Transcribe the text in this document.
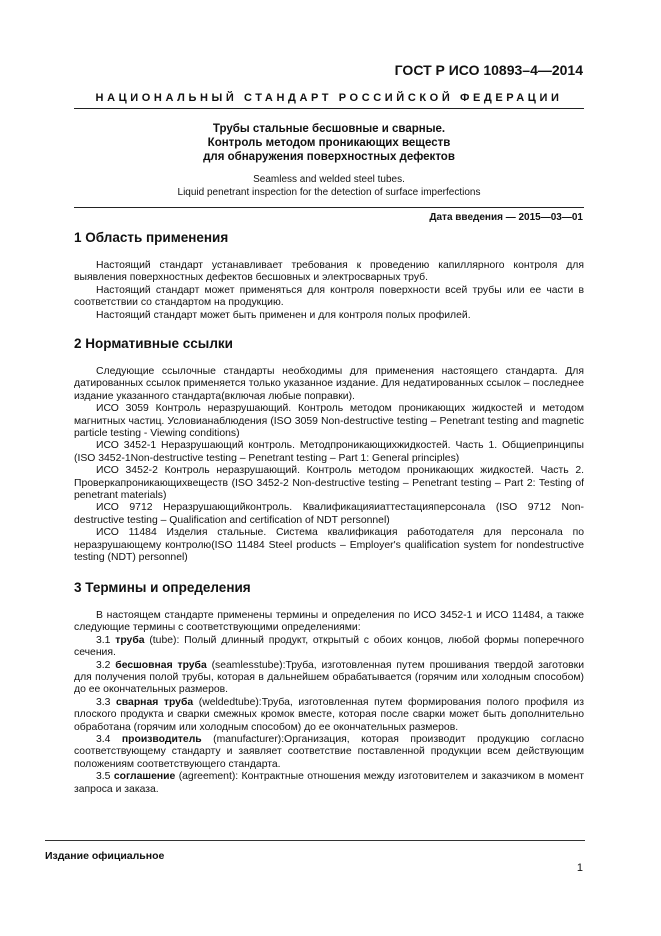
ГОСТ Р ИСО 10893–4—2014
НАЦИОНАЛЬНЫЙ СТАНДАРТ РОССИЙСКОЙ ФЕДЕРАЦИИ
Трубы стальные бесшовные и сварные.
Контроль методом проникающих веществ
для обнаружения поверхностных дефектов
Seamless and welded steel tubes.
Liquid penetrant inspection for the detection of surface imperfections
Дата введения — 2015—03—01
1 Область применения

Настоящий стандарт устанавливает требования к проведению капиллярного контроля для выявления поверхностных дефектов бесшовных и электросварных труб.

Настоящий стандарт может применяться для контроля поверхности всей трубы или ее части в соответствии со стандартом на продукцию.

Настоящий стандарт может быть применен и для контроля полых профилей.

2 Нормативные ссылки

Следующие ссылочные стандарты необходимы для применения настоящего стандарта. Для датированных ссылок применяется только указанное издание. Для недатированных ссылок – последнее издание указанного стандарта(включая любые поправки).

ИСО 3059 Контроль неразрушающий. Контроль методом проникающих жидкостей и методом магнитных частиц. Условианаблюдения (ISO 3059 Non-destructive testing – Penetrant testing and magnetic particle testing - Viewing conditions)

ИСО 3452-1 Неразрушающий контроль. Методпроникающихжидкостей. Часть 1. Общиепринципы (ISO 3452-1Non-destructive testing – Penetrant testing – Part 1: General principles)

ИСО 3452-2 Контроль неразрушающий. Контроль методом проникающих жидкостей. Часть 2. Проверкапроникающихвеществ (ISO 3452-2 Non-destructive testing – Penetrant testing – Part 2: Testing of penetrant materials)

ИСО 9712 Неразрушающийконтроль. Квалификацияиаттестацияперсонала (ISO 9712 Non-destructive testing – Qualification and certification of NDT personnel)

ИСО 11484 Изделия стальные. Система квалификация работодателя для персонала по неразрушающему контролю(ISO 11484 Steel products – Employer's qualification system for nondestructive testing (NDT) personnel)

3 Термины и определения

В настоящем стандарте применены термины и определения по ИСО 3452-1 и ИСО 11484, а также следующие термины с соответствующими определениями:

3.1 труба (tube): Полый длинный продукт, открытый с обоих концов, любой формы поперечного сечения.

3.2 бесшовная труба (seamlesstube):Труба, изготовленная путем прошивания твердой заготовки для получения полой трубы, которая в дальнейшем обрабатывается (горячим или холодным способом) до ее окончательных размеров.

3.3 сварная труба (weldedtube):Труба, изготовленная путем формирования полого профиля из плоского продукта и сварки смежных кромок вместе, которая после сварки может быть дополнительно обработана (горячим или холодным способом) до ее окончательных размеров.

3.4 производитель (manufacturer):Организация, которая производит продукцию согласно соответствующему стандарту и заявляет соответствие поставленной продукции всем действующим положениям соответствующего стандарта.

3.5 соглашение (agreement): Контрактные отношения между изготовителем и заказчиком в момент запроса и заказа.

Издание официальное
1
